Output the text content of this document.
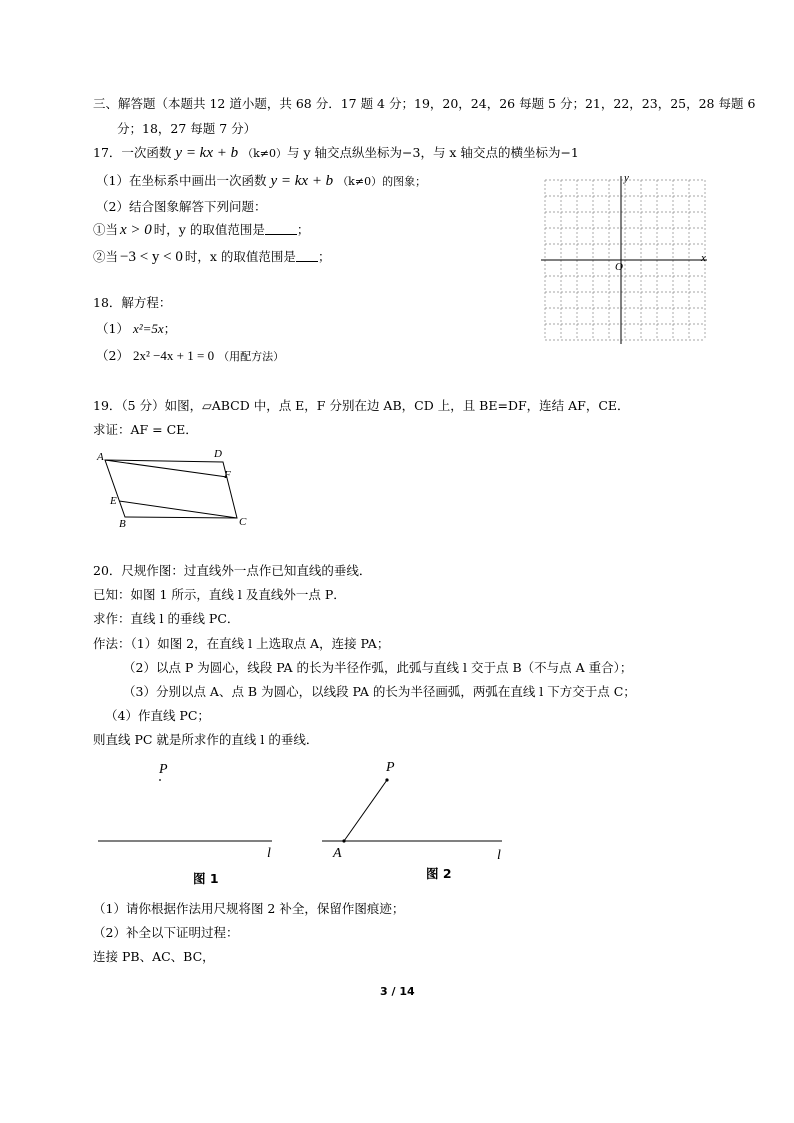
三、解答题（本题共 12 道小题，共 68 分．17 题 4 分；19，20，24，26 每题 5 分；21，22，23，25，28 每题 6
分；18，27 每题 7 分）
17．一次函数 y = kx + b （k≠0）与 y 轴交点纵坐标为−3，与 x 轴交点的横坐标为−1
（1）在坐标系中画出一次函数 y = kx + b （k≠0）的图象；
（2）结合图象解答下列问题：
①当 x > 0 时，y 的取值范围是	；
②当 −3 < y < 0 时，x 的取值范围是 ；	x
y
O
18．解方程：
（1） x²=5x；
（2） 2x² −4x + 1 = 0 （用配方法）
19．（5 分）如图，▱ABCD 中，点 E，F 分别在边 AB，CD 上，且 BE=DF，连结 AF，CE．
求证：AF = CE．
A	D
F
E
B	C
20．尺规作图：过直线外一点作已知直线的垂线．
已知：如图 1 所示，直线 l 及直线外一点 P．
求作：直线 l 的垂线 PC．
作法：（1）如图 2，在直线 l 上选取点 A，连接 PA；
（2）以点 P 为圆心，线段 PA 的长为半径作弧，此弧与直线 l 交于点 B（不与点 A 重合）；
（3）分别以点 A、点 B 为圆心，以线段 PA 的长为半径画弧，两弧在直线 l 下方交于点 C；
（4）作直线 PC；
则直线 PC 就是所求作的直线 l 的垂线．
P
l
图 1
P
A	l
图 2
（1）请你根据作法用尺规将图 2 补全，保留作图痕迹；
（2）补全以下证明过程：
连接 PB、AC、BC，
3 / 14
